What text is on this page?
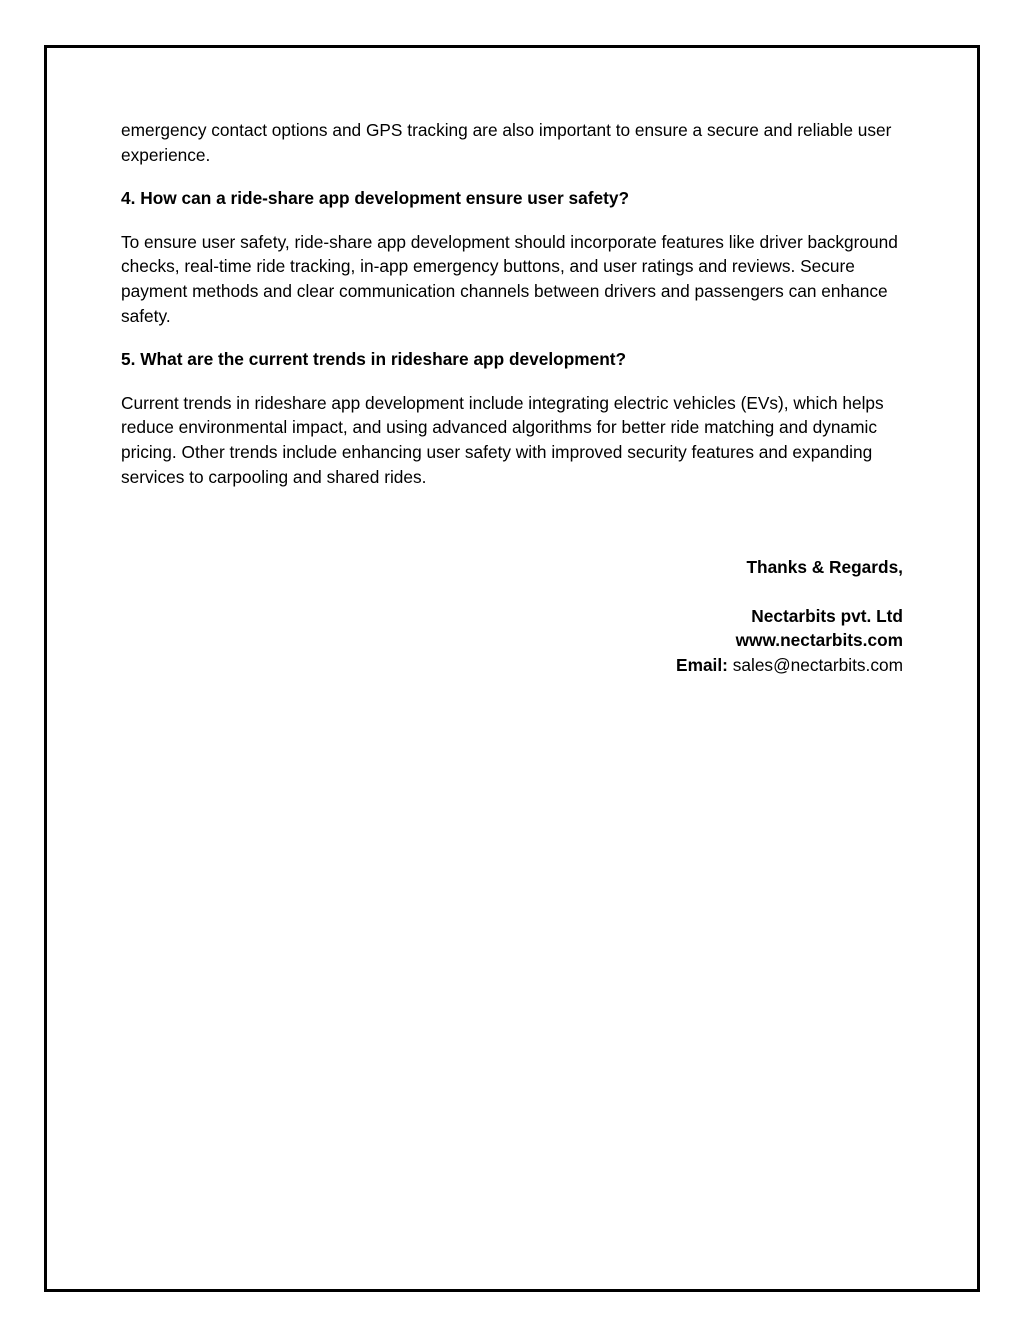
emergency contact options and GPS tracking are also important to ensure a secure and reliable user experience.

4. How can a ride-share app development ensure user safety?

To ensure user safety, ride-share app development should incorporate features like driver background checks, real-time ride tracking, in-app emergency buttons, and user ratings and reviews. Secure payment methods and clear communication channels between drivers and passengers can enhance safety.

5. What are the current trends in rideshare app development?

Current trends in rideshare app development include integrating electric vehicles (EVs), which helps reduce environmental impact, and using advanced algorithms for better ride matching and dynamic pricing. Other trends include enhancing user safety with improved security features and expanding services to carpooling and shared rides.

Thanks & Regards,
Nectarbits pvt. Ltd
www.nectarbits.com
Email: sales@nectarbits.com
